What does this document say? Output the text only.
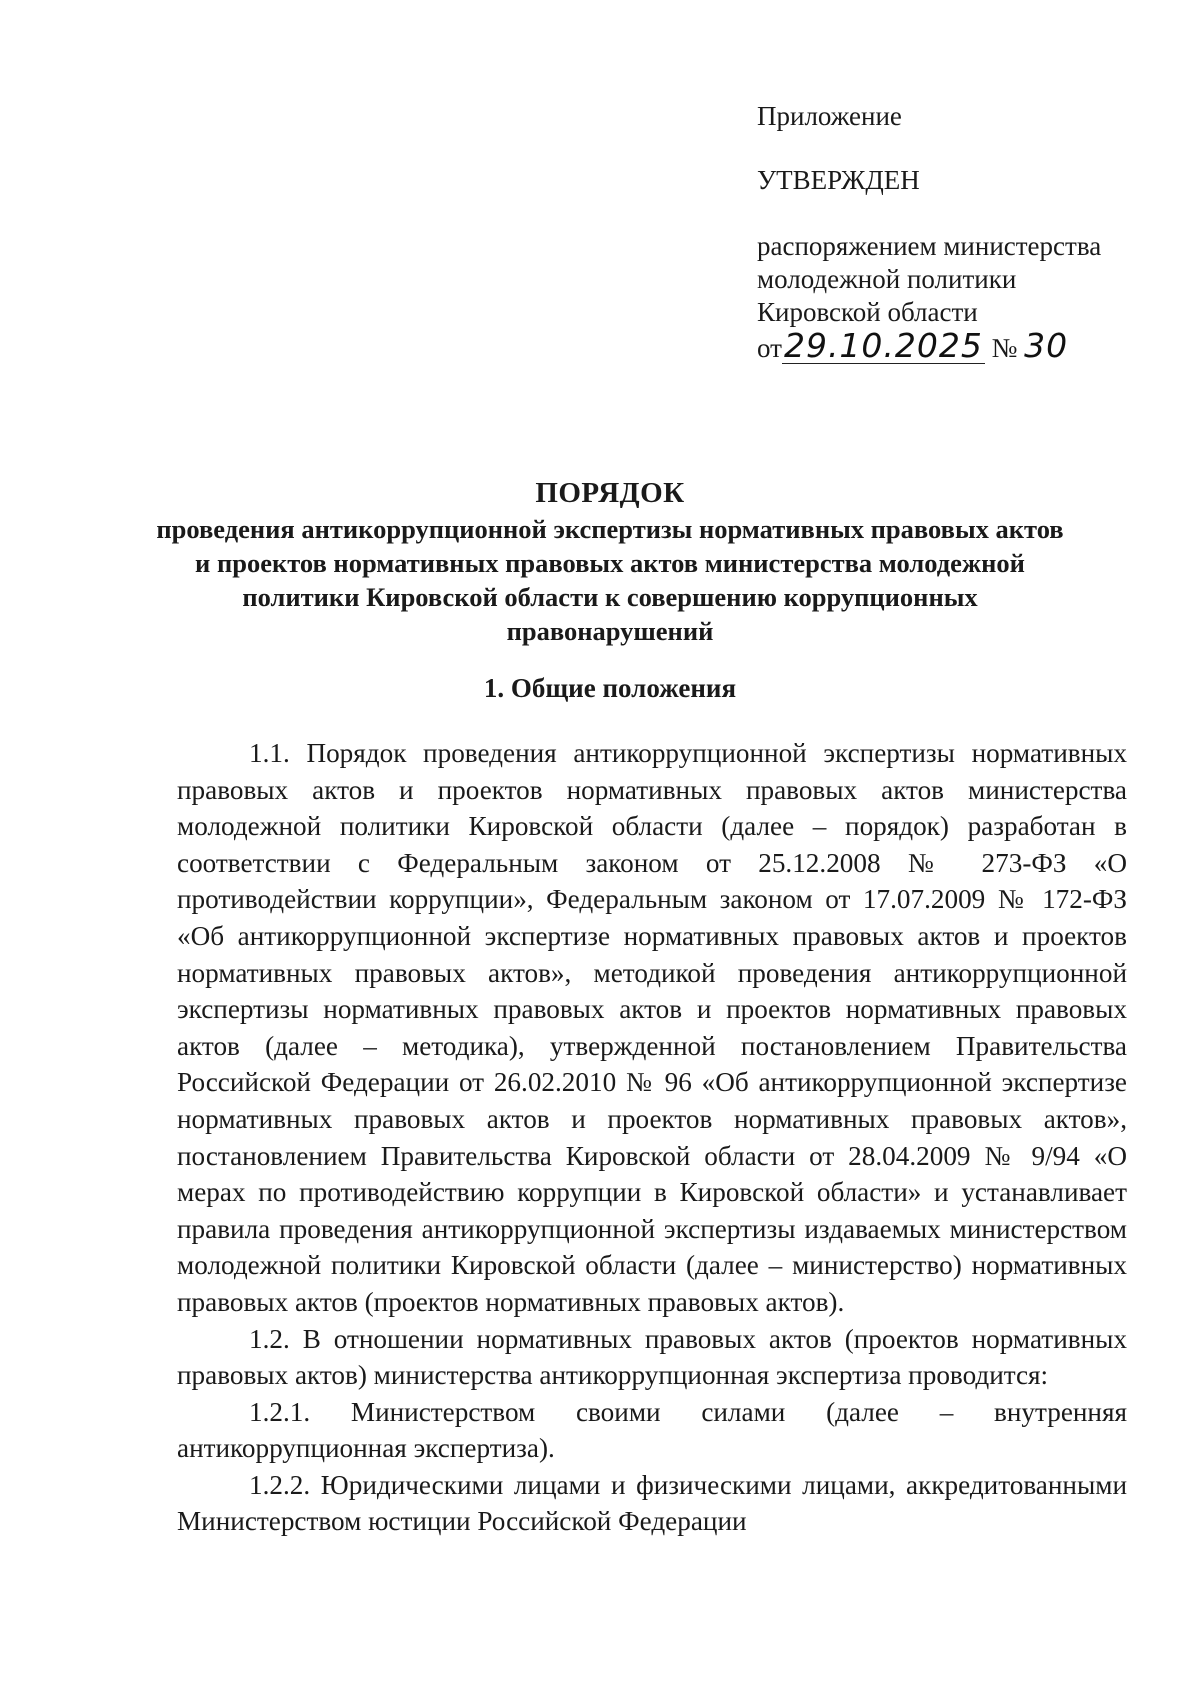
Приложение
УТВЕРЖДЕН
распоряжением министерства
молодежной политики
Кировской области
от29.10.2025 № 30
ПОРЯДОК
проведения антикоррупционной экспертизы нормативных правовых актов и проектов нормативных правовых актов министерства молодежной политики Кировской области к совершению коррупционных правонарушений
1. Общие положения

1.1. Порядок проведения антикоррупционной экспертизы нормативных правовых актов и проектов нормативных правовых актов министерства молодежной политики Кировской области (далее – порядок) разработан в соответствии с Федеральным законом от 25.12.2008 № 273-ФЗ «О противодействии коррупции», Федеральным законом от 17.07.2009 № 172-ФЗ «Об антикоррупционной экспертизе нормативных правовых актов и проектов нормативных правовых актов», методикой проведения антикоррупционной экспертизы нормативных правовых актов и проектов нормативных правовых актов (далее – методика), утвержденной постановлением Правительства Российской Федерации от 26.02.2010 № 96 «Об антикоррупционной экспертизе нормативных правовых актов и проектов нормативных правовых актов», постановлением Правительства Кировской области от 28.04.2009 № 9/94 «О мерах по противодействию коррупции в Кировской области» и устанавливает правила проведения антикоррупционной экспертизы издаваемых министерством молодежной политики Кировской области (далее – министерство) нормативных правовых актов (проектов нормативных правовых актов).

1.2. В отношении нормативных правовых актов (проектов нормативных правовых актов) министерства антикоррупционная экспертиза проводится:

1.2.1. Министерством своими силами (далее – внутренняя антикоррупционная экспертиза).

1.2.2. Юридическими лицами и физическими лицами, аккредитованными Министерством юстиции Российской Федерации
